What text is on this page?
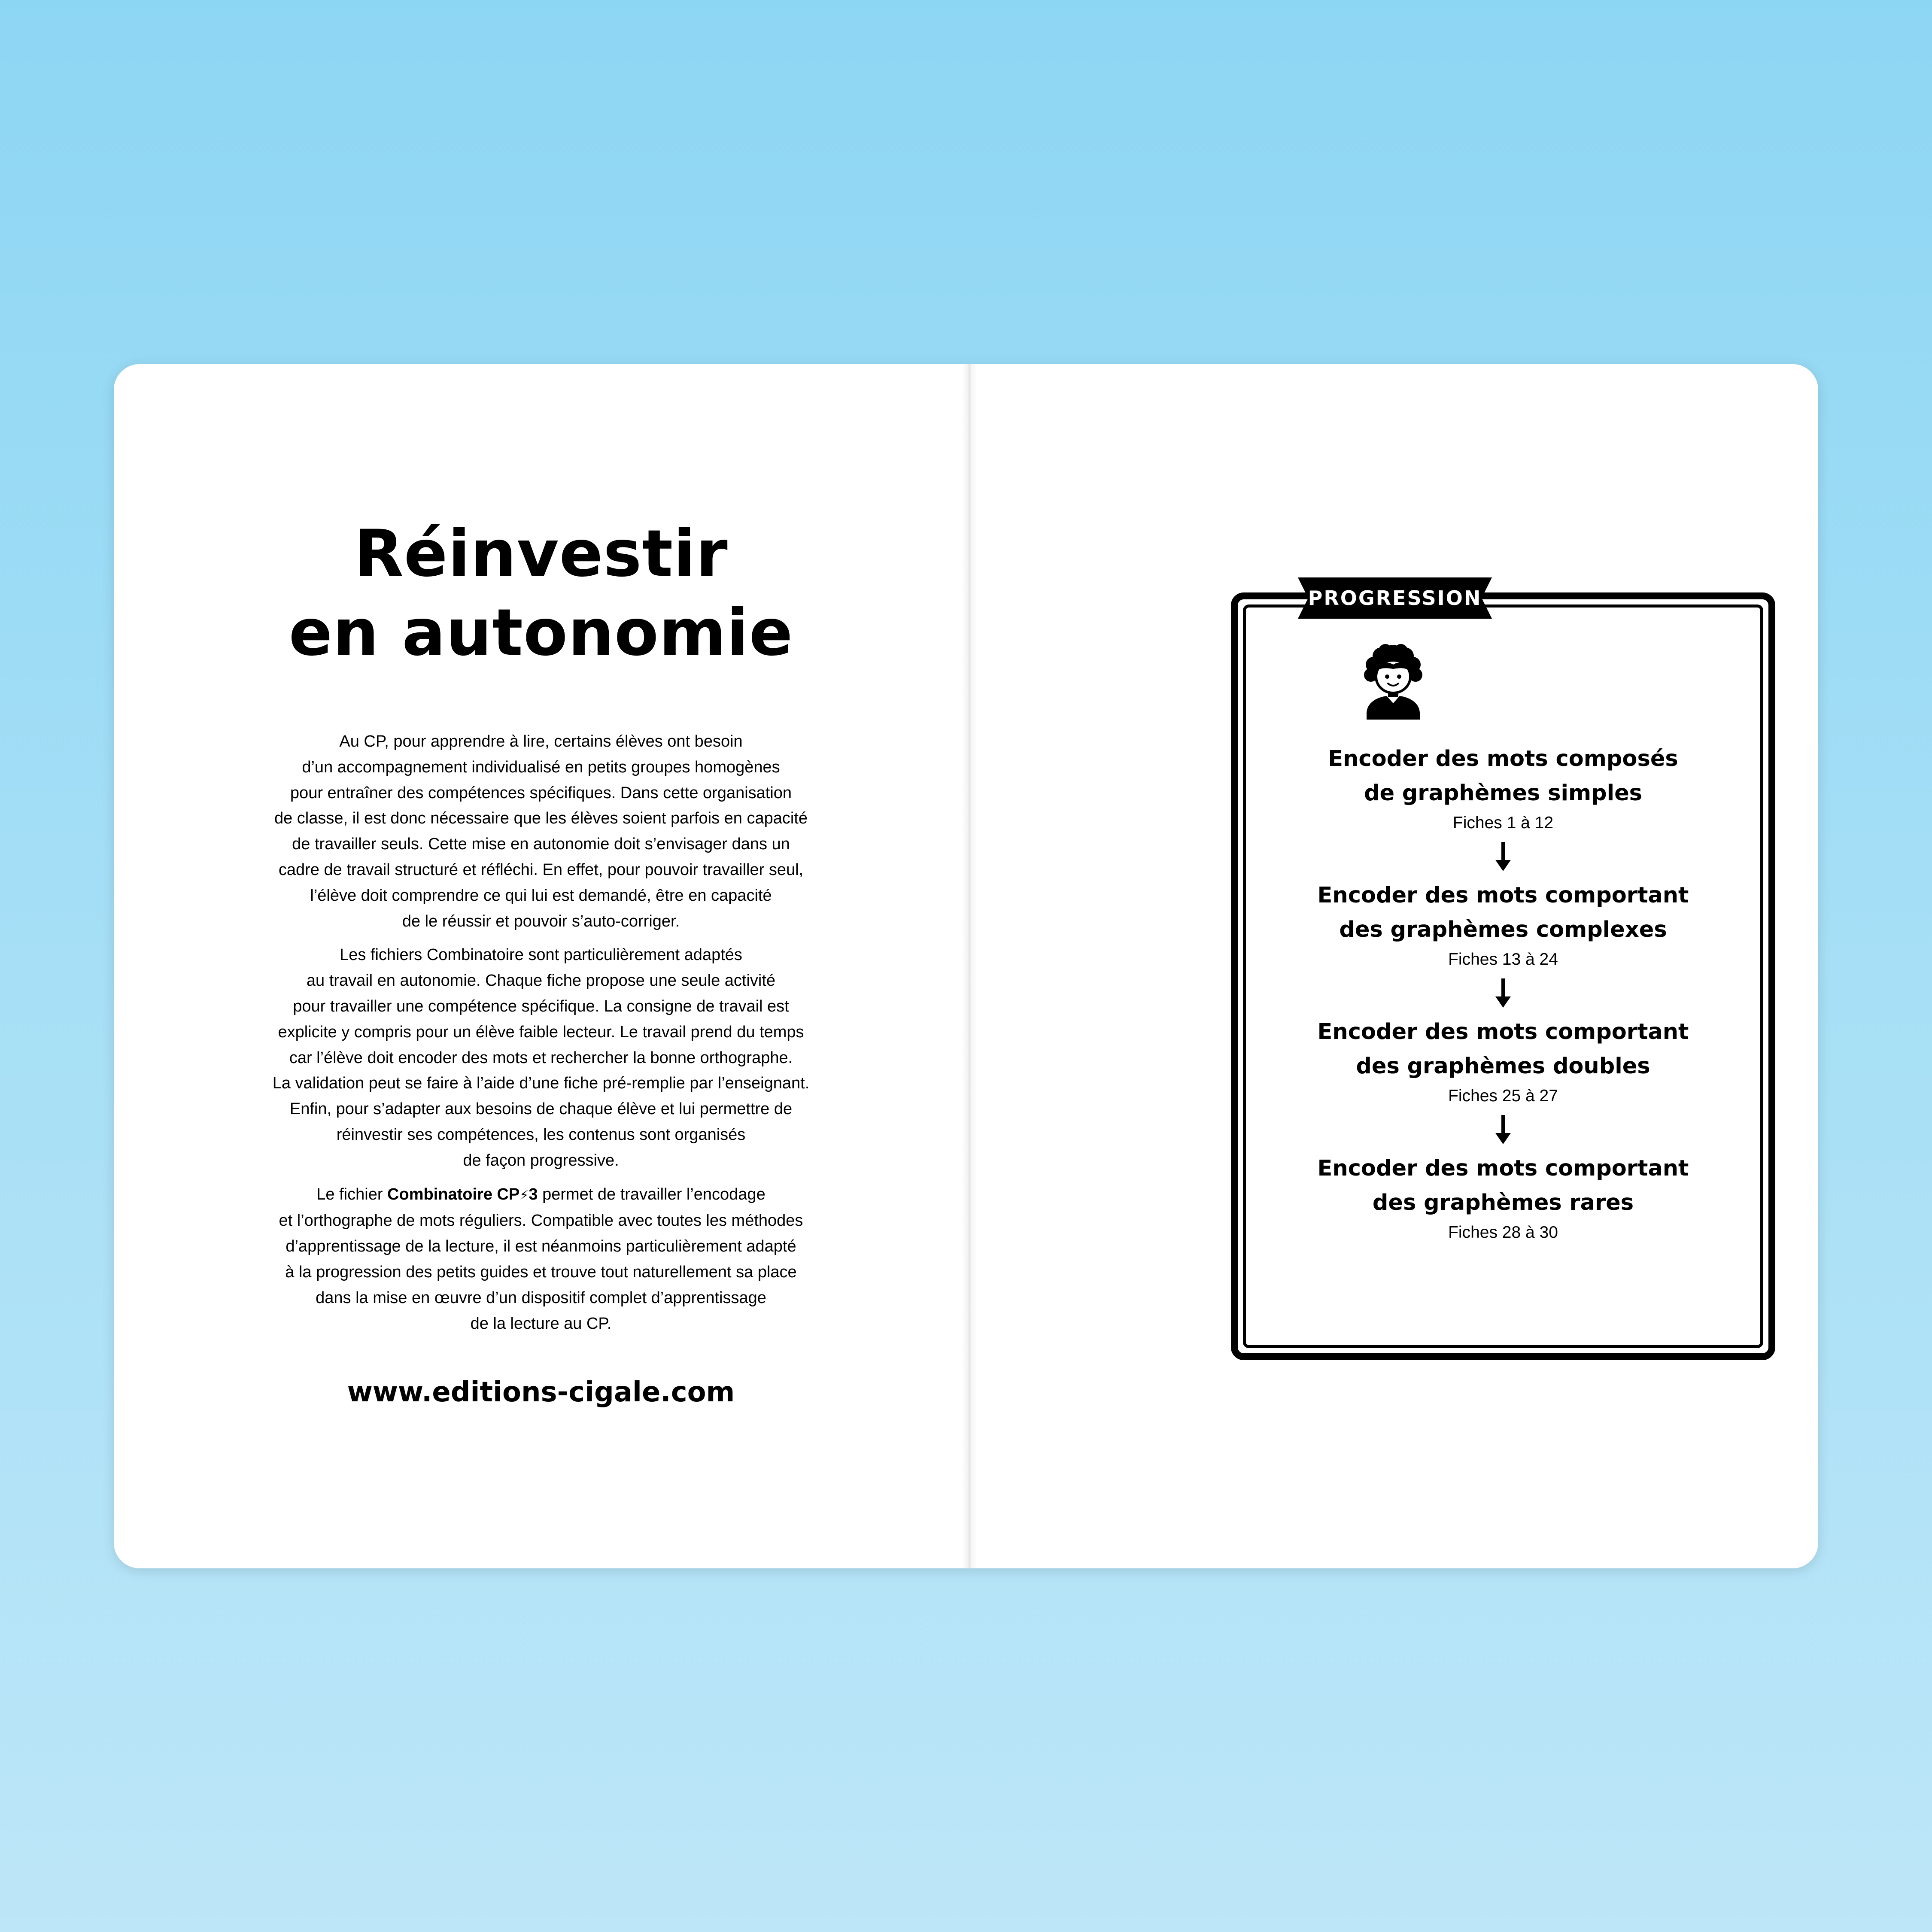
Réinvestir
en autonomie

Au CP, pour apprendre à lire, certains élèves ont besoin
d’un accompagnement individualisé en petits groupes homogènes
pour entraîner des compétences spécifiques. Dans cette organisation
de classe, il est donc nécessaire que les élèves soient parfois en capacité
de travailler seuls. Cette mise en autonomie doit s’envisager dans un
cadre de travail structuré et réfléchi. En effet, pour pouvoir travailler seul,
l’élève doit comprendre ce qui lui est demandé, être en capacité
de le réussir et pouvoir s’auto-corriger.

Les fichiers Combinatoire sont particulièrement adaptés
au travail en autonomie. Chaque fiche propose une seule activité
pour travailler une compétence spécifique. La consigne de travail est
explicite y compris pour un élève faible lecteur. Le travail prend du temps
car l’élève doit encoder des mots et rechercher la bonne orthographe.
La validation peut se faire à l’aide d’une fiche pré-remplie par l’enseignant.
Enfin, pour s’adapter aux besoins de chaque élève et lui permettre de
réinvestir ses compétences, les contenus sont organisés
de façon progressive.

Le fichier Combinatoire CP⚡3 permet de travailler l’encodage
et l’orthographe de mots réguliers. Compatible avec toutes les méthodes
d’apprentissage de la lecture, il est néanmoins particulièrement adapté
à la progression des petits guides et trouve tout naturellement sa place
dans la mise en œuvre d’un dispositif complet d’apprentissage
de la lecture au CP.

www.editions-cigale.com
PROGRESSION

Encoder des mots composés
de graphèmes simples

Fiches 1 à 12

Encoder des mots comportant
des graphèmes complexes

Fiches 13 à 24

Encoder des mots comportant
des graphèmes doubles

Fiches 25 à 27

Encoder des mots comportant
des graphèmes rares

Fiches 28 à 30
